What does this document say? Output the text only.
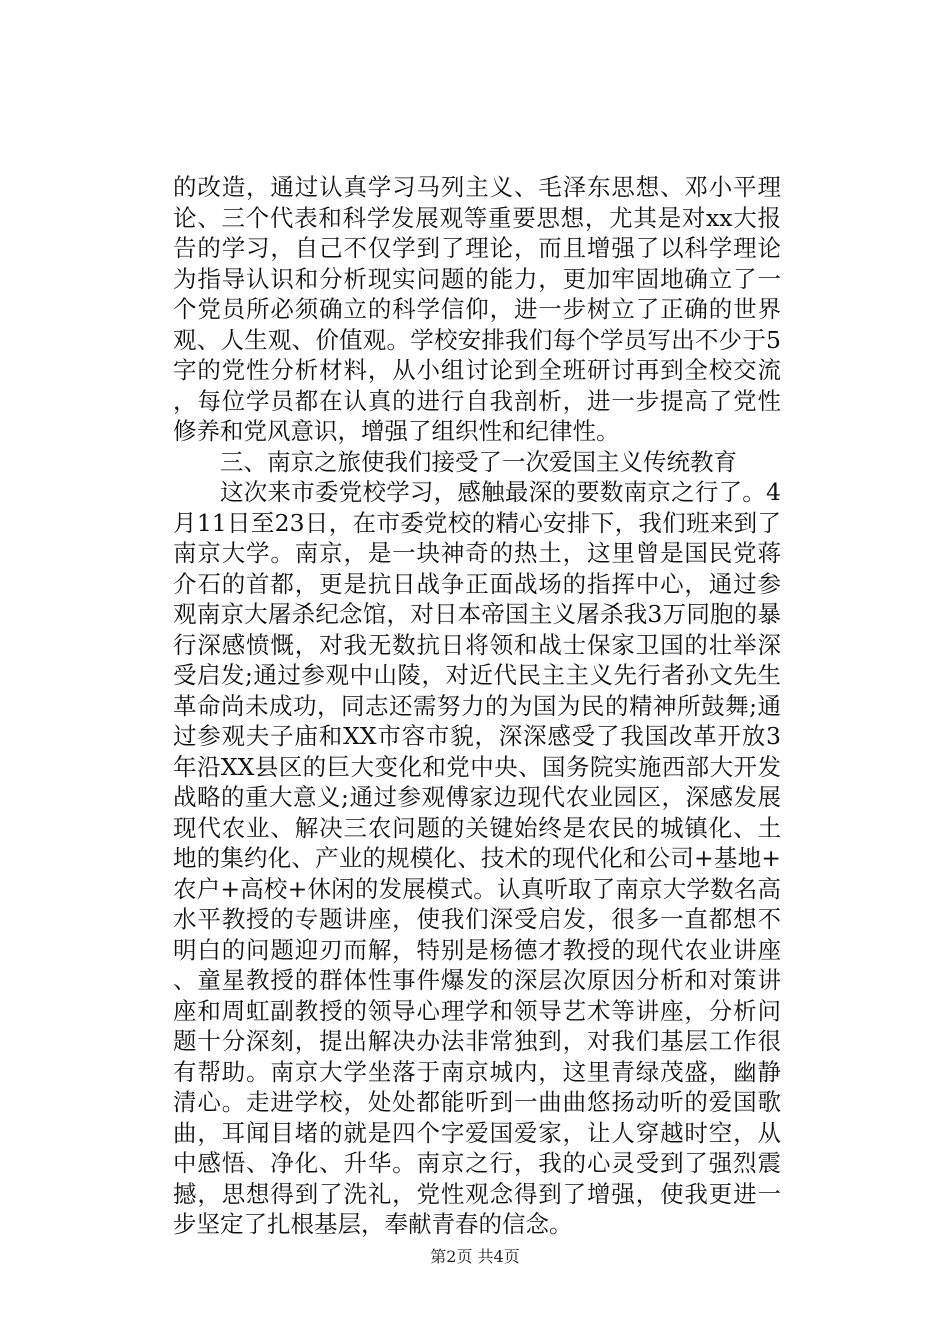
的改造，通过认真学习马列主义、毛泽东思想、邓小平理论、三个代表和科学发展观等重要思想，尤其是对xx大报告的学习，自己不仅学到了理论，而且增强了以科学理论为指导认识和分析现实问题的能力，更加牢固地确立了一个党员所必须确立的科学信仰，进一步树立了正确的世界观、人生观、价值观。学校安排我们每个学员写出不少于5字的党性分析材料，从小组讨论到全班研讨再到全校交流，每位学员都在认真的进行自我剖析，进一步提高了党性修养和党风意识，增强了组织性和纪律性。

三、南京之旅使我们接受了一次爱国主义传统教育

这次来市委党校学习，感触最深的要数南京之行了。4月11日至23日，在市委党校的精心安排下，我们班来到了南京大学。南京，是一块神奇的热土，这里曾是国民党蒋介石的首都，更是抗日战争正面战场的指挥中心，通过参观南京大屠杀纪念馆，对日本帝国主义屠杀我3万同胞的暴行深感愤慨，对我无数抗日将领和战士保家卫国的壮举深受启发;通过参观中山陵，对近代民主主义先行者孙文先生革命尚未成功，同志还需努力的为国为民的精神所鼓舞;通过参观夫子庙和XX市容市貌，深深感受了我国改革开放3年沿XX县区的巨大变化和党中央、国务院实施西部大开发战略的重大意义;通过参观傅家边现代农业园区，深感发展现代农业、解决三农问题的关键始终是农民的城镇化、土地的集约化、产业的规模化、技术的现代化和公司+基地+农户+高校+休闲的发展模式。认真听取了南京大学数名高水平教授的专题讲座，使我们深受启发，很多一直都想不明白的问题迎刃而解，特别是杨德才教授的现代农业讲座、童星教授的群体性事件爆发的深层次原因分析和对策讲座和周虹副教授的领导心理学和领导艺术等讲座，分析问题十分深刻，提出解决办法非常独到，对我们基层工作很有帮助。南京大学坐落于南京城内，这里青绿茂盛，幽静清心。走进学校，处处都能听到一曲曲悠扬动听的爱国歌曲，耳闻目堵的就是四个字爱国爱家，让人穿越时空，从中感悟、净化、升华。南京之行，我的心灵受到了强烈震撼，思想得到了洗礼，党性观念得到了增强，使我更进一步坚定了扎根基层，奉献青春的信念。

第2页 共4页
